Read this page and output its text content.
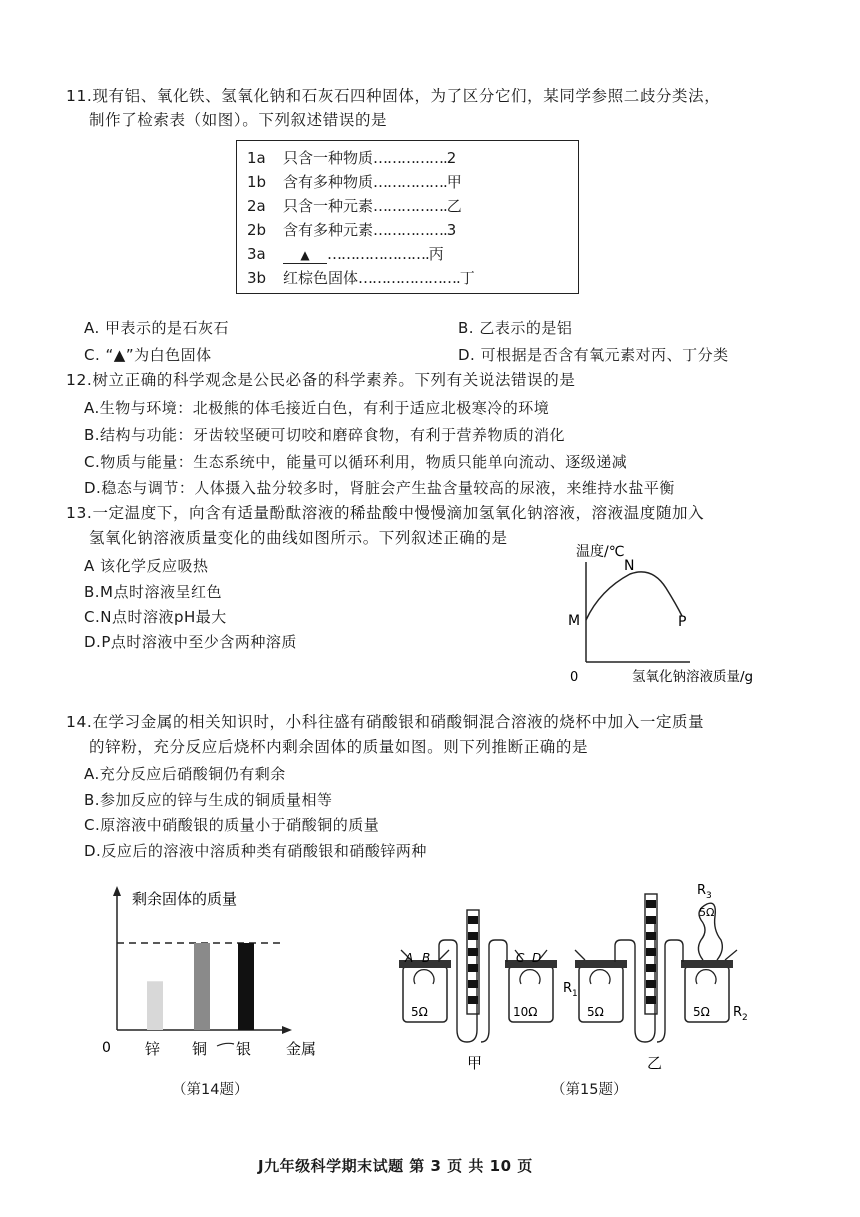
11.现有铝、氧化铁、氢氧化钠和石灰石四种固体，为了区分它们，某同学参照二歧分类法，
制作了检索表（如图）。下列叙述错误的是
1a 只含一种物质…………….2
1b 含有多种物质…………….甲
2a 只含一种元素…………….乙
2b 含有多种元素…………….3
3a	▲ ………………….丙
3b 红棕色固体………………….丁
A. 甲表示的是石灰石	B. 乙表示的是铝
C. “▲”为白色固体	D. 可根据是否含有氧元素对丙、丁分类
12.树立正确的科学观念是公民必备的科学素养。下列有关说法错误的是
A.生物与环境：北极熊的体毛接近白色，有利于适应北极寒冷的环境
B.结构与功能：牙齿较坚硬可切咬和磨碎食物，有利于营养物质的消化
C.物质与能量：生态系统中，能量可以循环利用，物质只能单向流动、逐级递减
D.稳态与调节：人体摄入盐分较多时，肾脏会产生盐含量较高的尿液，来维持水盐平衡
13.一定温度下，向含有适量酚酞溶液的稀盐酸中慢慢滴加氢氧化钠溶液，溶液温度随加入
氢氧化钠溶液质量变化的曲线如图所示。下列叙述正确的是
A 该化学反应吸热
B.M点时溶液呈红色
C.N点时溶液pH最大
D.P点时溶液中至少含两种溶质
温度/℃
M
N
P
0	氢氧化钠溶液质量/g
14.在学习金属的相关知识时，小科往盛有硝酸银和硝酸铜混合溶液的烧杯中加入一定质量
的锌粉，充分反应后烧杯内剩余固体的质量如图。则下列推断正确的是
A.充分反应后硝酸铜仍有剩余
B.参加反应的锌与生成的铜质量相等
C.原溶液中硝酸银的质量小于硝酸铜的质量
D.反应后的溶液中溶质种类有硝酸银和硝酸锌两种
剩余固体的质量
锌 铜 银
0	金属
（第14题）
A B	C D
5Ω	10Ω
甲
5Ω	5Ω
5Ω
$R_1$
$R_2$
$R_3$
乙
（第15题）
J九年级科学期末试题 第 3 页 共 10 页
